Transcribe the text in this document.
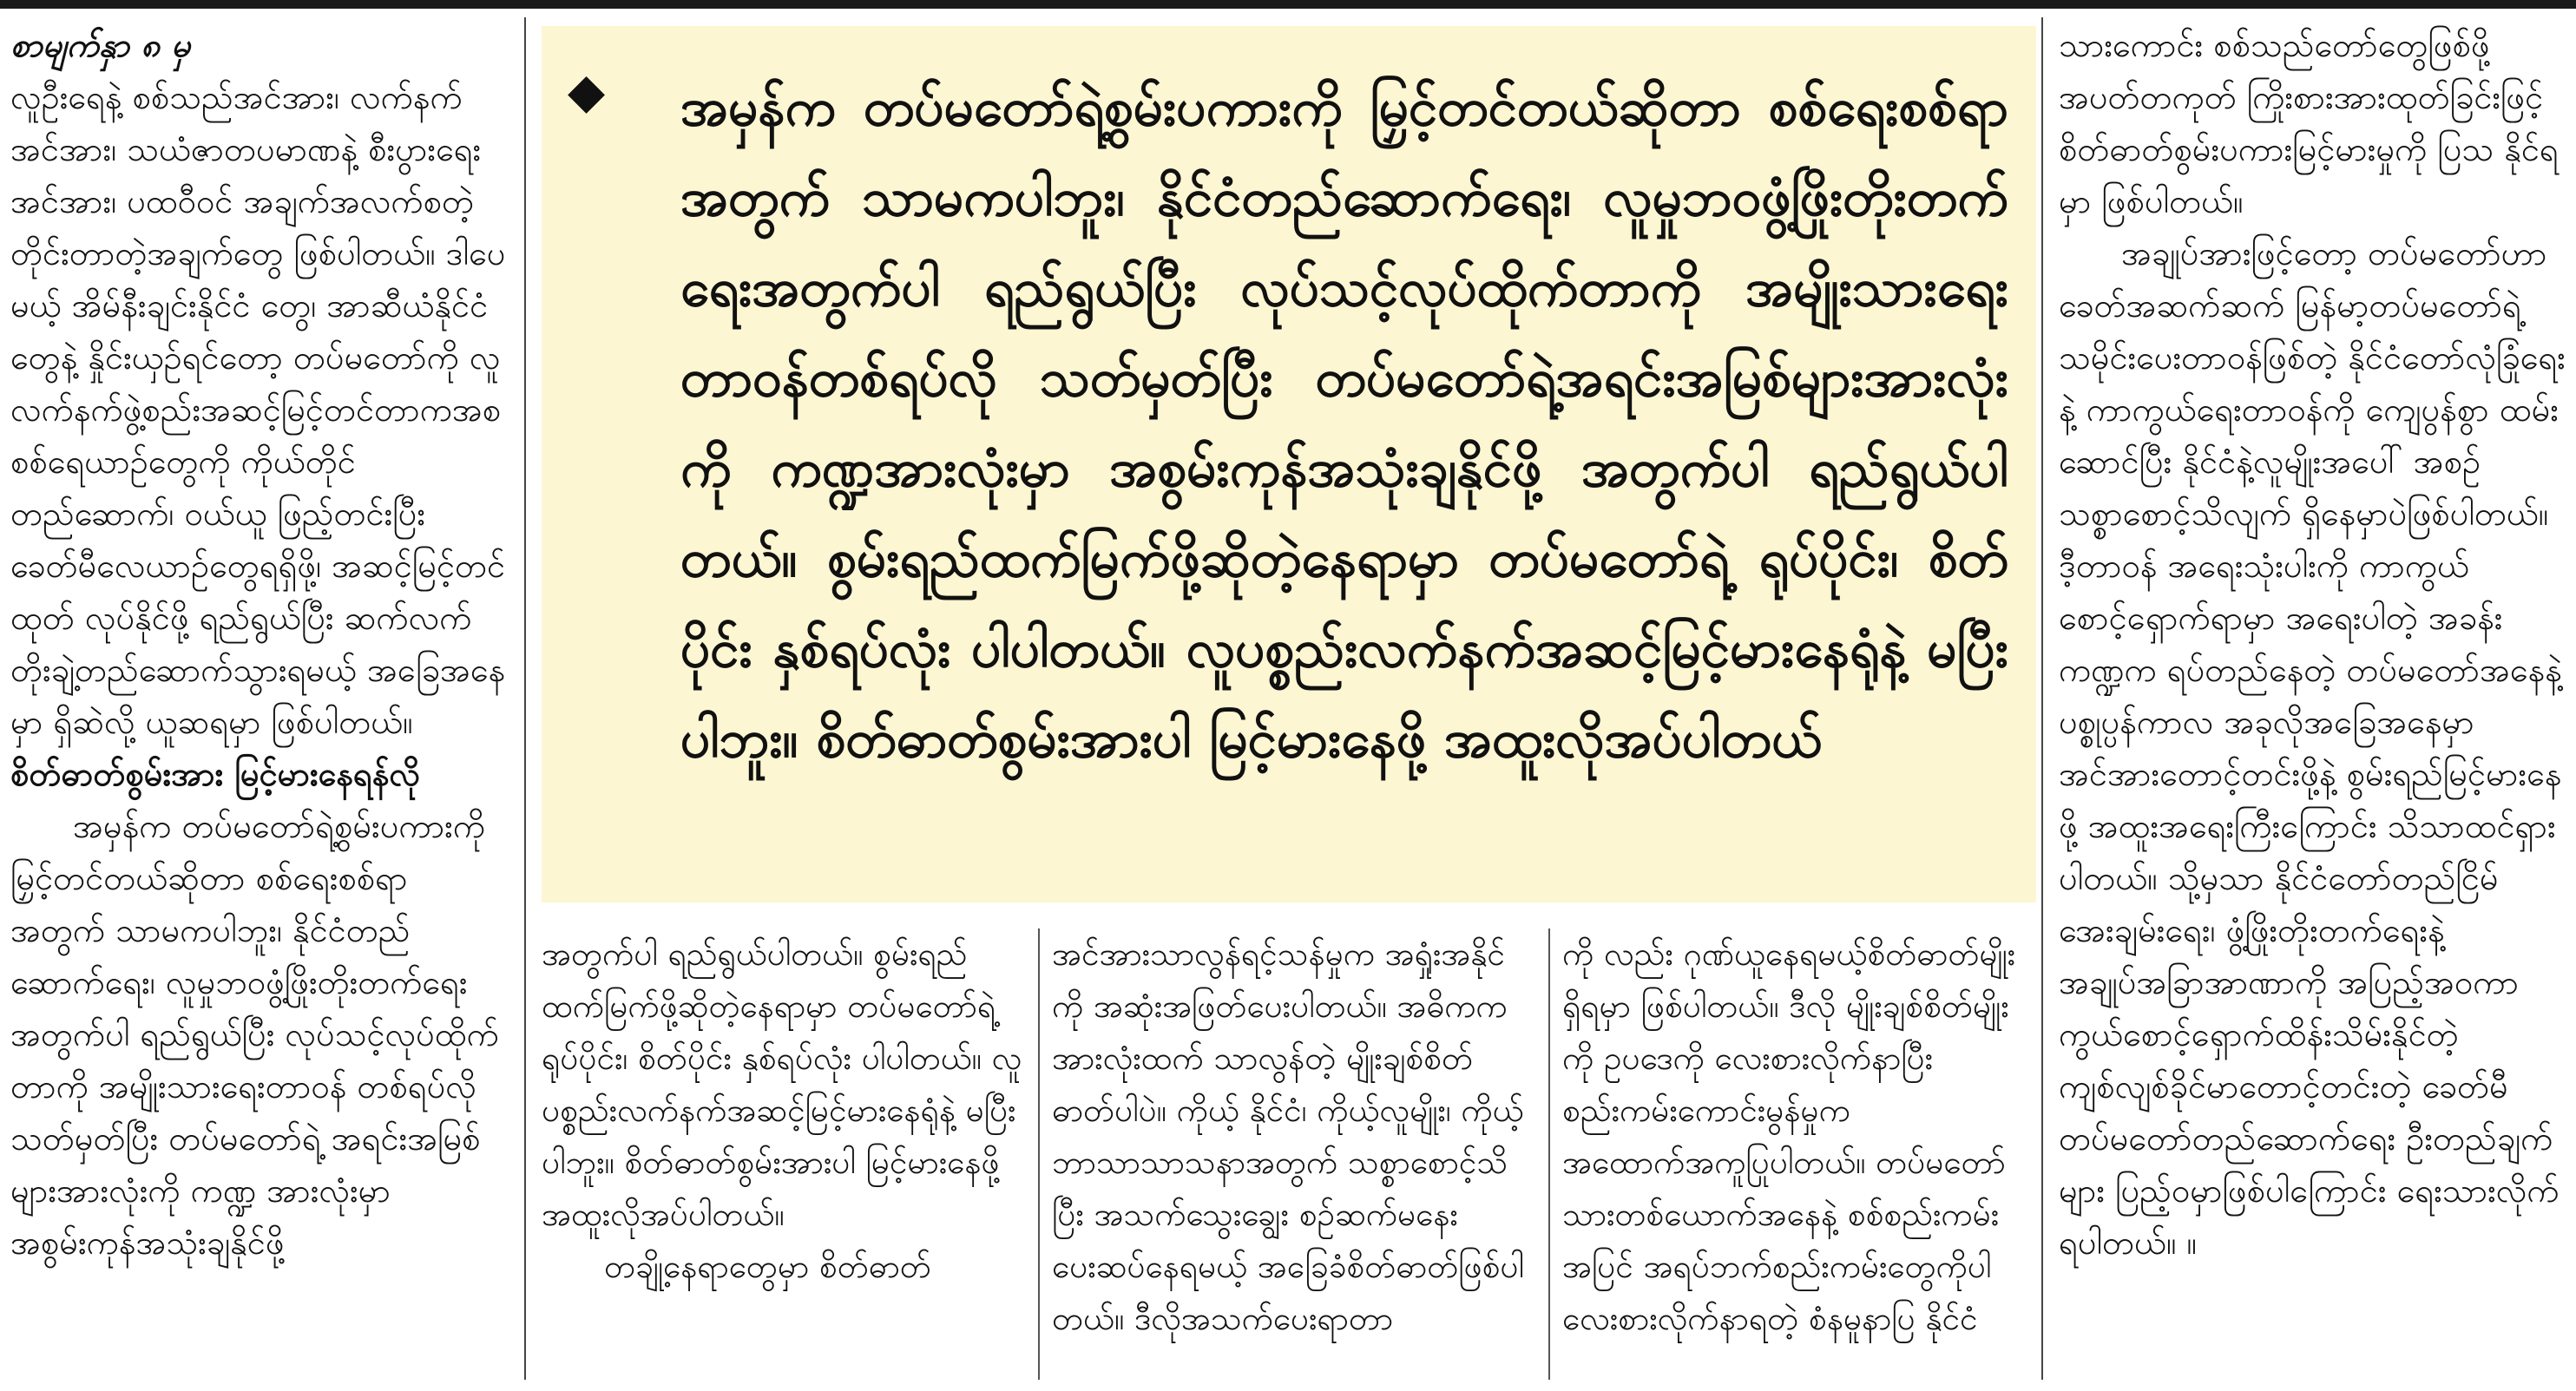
စာမျက်နှာ ၈ မှ

လူဦးရေနဲ့ စစ်သည်အင်အား၊ လက်နက်အင်အား၊ သယံဇာတပမာဏနဲ့ စီးပွားရေးအင်အား၊ ပထဝီဝင် အချက်အလက်စတဲ့ တိုင်းတာတဲ့အချက်တွေ ဖြစ်ပါတယ်။ ဒါပေမယ့် အိမ်နီးချင်းနိုင်ငံ တွေ၊ အာဆီယံနိုင်ငံတွေနဲ့ နှိုင်းယှဉ်ရင်တော့ တပ်မတော်ကို လူလက်နက်ဖွဲ့စည်းအဆင့်မြင့်တင်တာကအစ စစ်ရေယာဉ်တွေကို ကိုယ်တိုင်တည်ဆောက်၊ ဝယ်ယူ ဖြည့်တင်းပြီး ခေတ်မီလေယာဉ်တွေရရှိဖို့၊ အဆင့်မြင့်တင်ထုတ် လုပ်နိုင်ဖို့ ရည်ရွယ်ပြီး ဆက်လက်တိုးချဲ့တည်ဆောက်သွားရမယ့် အခြေအနေမှာ ရှိဆဲလို့ ယူဆရမှာ ဖြစ်ပါတယ်။

စိတ်ဓာတ်စွမ်းအား မြင့်မားနေရန်လို

အမှန်က တပ်မတော်ရဲ့စွမ်းပကားကို မြှင့်တင်တယ်ဆိုတာ စစ်ရေးစစ်ရာ အတွက် သာမကပါဘူး၊ နိုင်ငံတည် ဆောက်ရေး၊ လူမှုဘဝဖွံ့ဖြိုးတိုးတက်ရေးအတွက်ပါ ရည်ရွယ်ပြီး လုပ်သင့်လုပ်ထိုက်တာကို အမျိုးသားရေးတာဝန် တစ်ရပ်လို သတ်မှတ်ပြီး တပ်မတော်ရဲ့ အရင်းအမြစ်များအားလုံးကို ကဏ္ဍ အားလုံးမှာ အစွမ်းကုန်အသုံးချနိုင်ဖို့

◆ အမှန်က တပ်မတော်ရဲ့စွမ်းပကားကို မြှင့်တင်တယ်ဆိုတာ စစ်ရေးစစ်ရာအတွက် သာမကပါဘူး၊ နိုင်ငံတည်ဆောက်ရေး၊ လူမှုဘဝဖွံ့ဖြိုးတိုးတက်ရေးအတွက်ပါ ရည်ရွယ်ပြီး လုပ်သင့်လုပ်ထိုက်တာကို အမျိုးသားရေးတာဝန်တစ်ရပ်လို သတ်မှတ်ပြီး တပ်မတော်ရဲ့အရင်းအမြစ်များအားလုံးကို ကဏ္ဍအားလုံးမှာ အစွမ်းကုန်အသုံးချနိုင်ဖို့ အတွက်ပါ ရည်ရွယ်ပါတယ်။ စွမ်းရည်ထက်မြက်ဖို့ဆိုတဲ့နေရာမှာ တပ်မတော်ရဲ့ ရုပ်ပိုင်း၊ စိတ်ပိုင်း နှစ်ရပ်လုံး ပါပါတယ်။ လူပစ္စည်းလက်နက်အဆင့်မြင့်မားနေရုံနဲ့ မပြီးပါဘူး။ စိတ်ဓာတ်စွမ်းအားပါ မြင့်မားနေဖို့ အထူးလိုအပ်ပါတယ်

အတွက်ပါ ရည်ရွယ်ပါတယ်။ စွမ်းရည်ထက်မြက်ဖို့ဆိုတဲ့နေရာမှာ တပ်မတော်ရဲ့ရုပ်ပိုင်း၊ စိတ်ပိုင်း နှစ်ရပ်လုံး ပါပါတယ်။ လူ ပစ္စည်းလက်နက်အဆင့်မြင့်မားနေရုံနဲ့ မပြီးပါဘူး။ စိတ်ဓာတ်စွမ်းအားပါ မြင့်မားနေဖို့ အထူးလိုအပ်ပါတယ်။

တချို့နေရာတွေမှာ စိတ်ဓာတ်

အင်အားသာလွန်ရင့်သန်မှုက အရှုံးအနိုင်ကို အဆုံးအဖြတ်ပေးပါတယ်။ အဓိကက အားလုံးထက် သာလွန်တဲ့ မျိုးချစ်စိတ်ဓာတ်ပါပဲ။ ကိုယ့် နိုင်ငံ၊ ကိုယ့်လူမျိုး၊ ကိုယ့်ဘာသာသာသနာအတွက် သစ္စာစောင့်သိပြီး အသက်သွေးချွေး စဉ်ဆက်မနေးပေးဆပ်နေရမယ့် အခြေခံစိတ်ဓာတ်ဖြစ်ပါတယ်။ ဒီလိုအသက်ပေးရာတာ

ကို လည်း ဂုဏ်ယူနေရမယ့်စိတ်ဓာတ်မျိုး ရှိရမှာ ဖြစ်ပါတယ်။ ဒီလို မျိုးချစ်စိတ်မျိုးကို ဥပဒေကို လေးစားလိုက်နာပြီး စည်းကမ်းကောင်းမွန်မှုက အထောက်အကူပြုပါတယ်။ တပ်မတော်သားတစ်ယောက်အနေနဲ့ စစ်စည်းကမ်းအပြင် အရပ်ဘက်စည်းကမ်းတွေကိုပါ လေးစားလိုက်နာရတဲ့ စံနမူနာပြ နိုင်ငံ

သားကောင်း စစ်သည်တော်တွေဖြစ်ဖို့ အပတ်တကုတ် ကြိုးစားအားထုတ်ခြင်းဖြင့် စိတ်ဓာတ်စွမ်းပကားမြင့်မားမှုကို ပြသ နိုင်ရမှာ ဖြစ်ပါတယ်။

အချုပ်အားဖြင့်တော့ တပ်မတော်ဟာ ခေတ်အဆက်ဆက် မြန်မာ့တပ်မတော်ရဲ့ သမိုင်းပေးတာဝန်ဖြစ်တဲ့ နိုင်ငံတော်လုံခြုံရေးနဲ့ ကာကွယ်ရေးတာဝန်ကို ကျေပွန်စွာ ထမ်းဆောင်ပြီး နိုင်ငံနဲ့လူမျိုးအပေါ် အစဉ်သစ္စာစောင့်သိလျက် ရှိနေမှာပဲဖြစ်ပါတယ်။ ဒီ့တာဝန် အရေးသုံးပါးကို ကာကွယ်စောင့်ရှောက်ရာမှာ အရေးပါတဲ့ အခန်းကဏ္ဍက ရပ်တည်နေတဲ့ တပ်မတော်အနေနဲ့ ပစ္စုပ္ပန်ကာလ အခုလိုအခြေအနေမှာ အင်အားတောင့်တင်းဖို့နဲ့ စွမ်းရည်မြင့်မားနေဖို့ အထူးအရေးကြီးကြောင်း သိသာထင်ရှားပါတယ်။ သို့မှသာ နိုင်ငံတော်တည်ငြိမ်အေးချမ်းရေး၊ ဖွံ့ဖြိုးတိုးတက်ရေးနဲ့ အချုပ်အခြာအာဏာကို အပြည့်အဝကာကွယ်စောင့်ရှောက်ထိန်းသိမ်းနိုင်တဲ့ ကျစ်လျစ်ခိုင်မာတောင့်တင်းတဲ့ ခေတ်မီ တပ်မတော်တည်ဆောက်ရေး ဦးတည်ချက်များ ပြည့်ဝမှာဖြစ်ပါကြောင်း ရေးသားလိုက်ရပါတယ်။ ။
